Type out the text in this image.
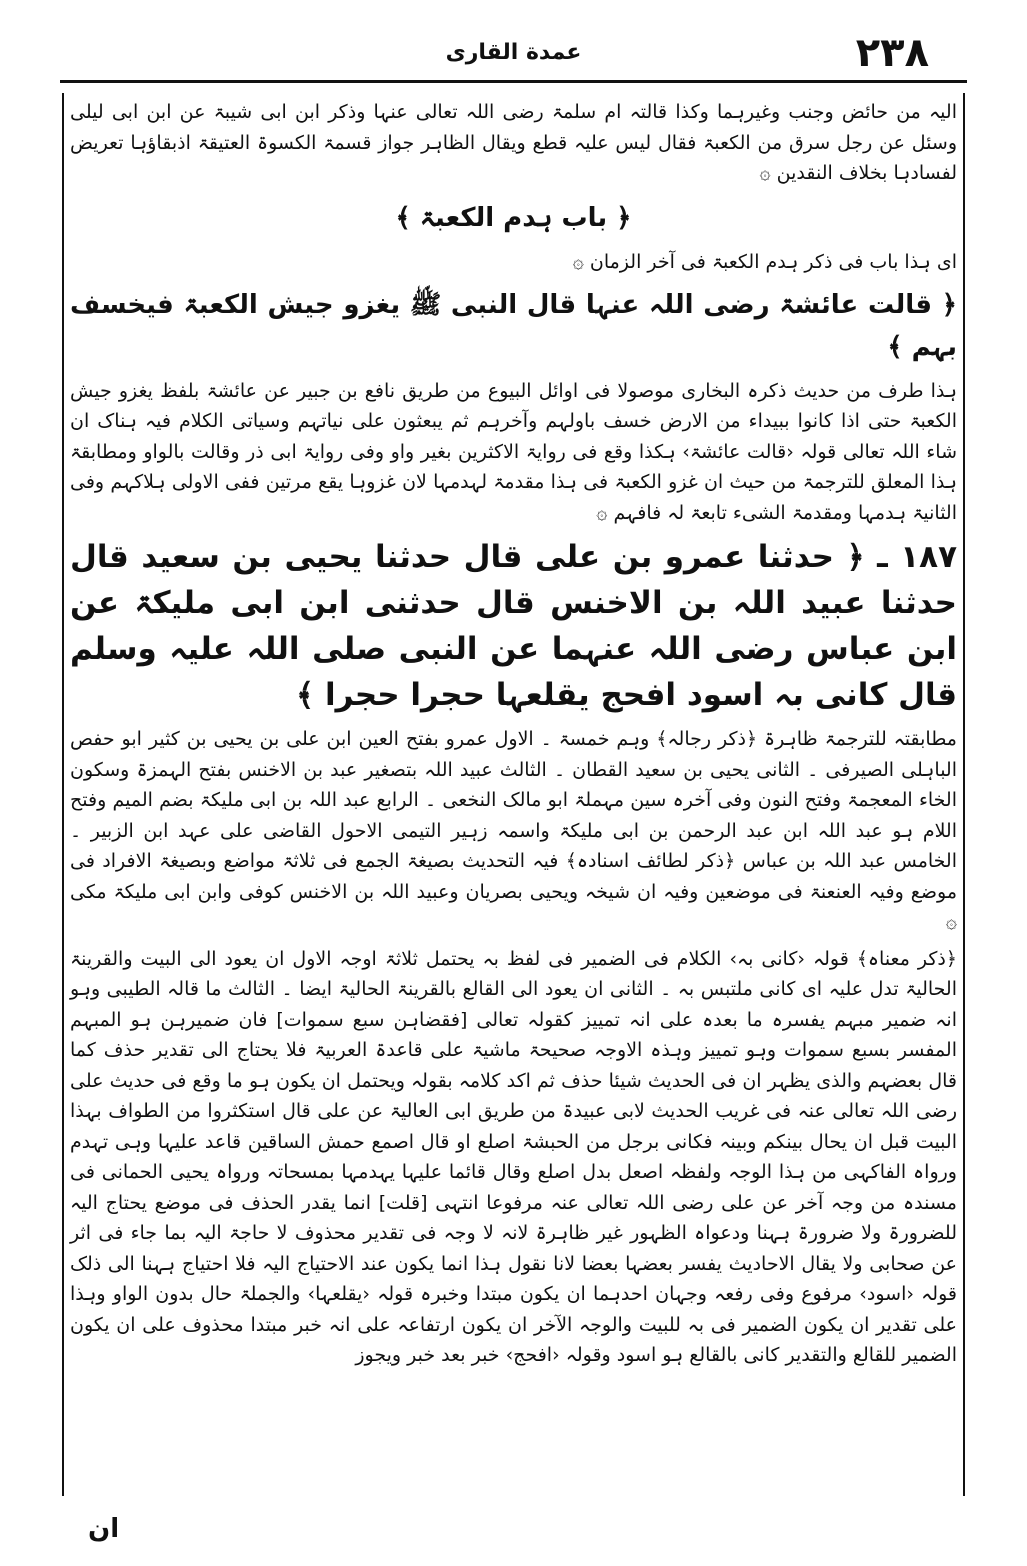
٢٣٨
عمدة القاری

الیہ من حائض وجنب وغیرہما وکذا قالتہ ام سلمۃ رضی اللہ تعالی عنہا وذکر ابن ابی شیبۃ عن ابن ابی لیلی وسئل عن رجل سرق من الکعبۃ فقال لیس علیہ قطع ویقال الظاہر جواز قسمۃ الکسوۃ العتیقۃ اذبقاؤہا تعریض لفسادہا بخلاف النقدین ۞

﴿ باب ہدم الکعبۃ ﴾

ای ہذا باب فی ذکر ہدم الکعبۃ فی آخر الزمان ۞

﴿ قالت عائشۃ رضی اللہ عنہا قال النبی ﷺ یغزو جیش الکعبۃ فیخسف بہم ﴾

ہذا طرف من حدیث ذکرہ البخاری موصولا فی اوائل البیوع من طریق نافع بن جبیر عن عائشۃ بلفظ یغزو جیش الکعبۃ حتی اذا کانوا ببیداء من الارض خسف باولہم وآخرہم ثم یبعثون علی نیاتہم وسیاتی الکلام فیہ ہناک ان شاء اللہ تعالی قولہ ‹قالت عائشۃ› ہکذا وقع فی روایۃ الاکثرین بغیر واو وفی روایۃ ابی ذر وقالت بالواو ومطابقۃ ہذا المعلق للترجمۃ من حیث ان غزو الکعبۃ فی ہذا مقدمۃ لہدمہا لان غزوہا یقع مرتین ففی الاولی ہلاکہم وفی الثانیۃ ہدمہا ومقدمۃ الشیء تابعۃ لہ فافہم ۞

١٨٧ ـ ﴿ حدثنا عمرو بن علی قال حدثنا یحیی بن سعید قال حدثنا عبید اللہ بن الاخنس قال حدثنی ابن ابی ملیکۃ عن ابن عباس رضی اللہ عنہما عن النبی صلی اللہ علیہ وسلم قال کانی بہ اسود افحج یقلعہا حجرا حجرا ﴾

مطابقتہ للترجمۃ ظاہرۃ ﴿ذکر رجالہ﴾ وہم خمسۃ ۔ الاول عمرو بفتح العین ابن علی بن یحیی بن کثیر ابو حفص الباہلی الصیرفی ۔ الثانی یحیی بن سعید القطان ۔ الثالث عبید اللہ بتصغیر عبد بن الاخنس بفتح الہمزۃ وسکون الخاء المعجمۃ وفتح النون وفی آخرہ سین مہملۃ ابو مالک النخعی ۔ الرابع عبد اللہ بن ابی ملیکۃ بضم المیم وفتح اللام ہو عبد اللہ ابن عبد الرحمن بن ابی ملیکۃ واسمہ زہیر التیمی الاحول القاضی علی عہد ابن الزبیر ۔ الخامس عبد اللہ بن عباس ﴿ذکر لطائف اسنادہ﴾ فیہ التحدیث بصیغۃ الجمع فی ثلاثۃ مواضع وبصیغۃ الافراد فی موضع وفیہ العنعنۃ فی موضعین وفیہ ان شیخہ ویحیی بصریان وعبید اللہ بن الاخنس کوفی وابن ابی ملیکۃ مکی ۞

﴿ذکر معناہ﴾ قولہ ‹کانی بہ› الکلام فی الضمیر فی لفظ بہ یحتمل ثلاثۃ اوجہ الاول ان یعود الی البیت والقرینۃ الحالیۃ تدل علیہ ای کانی ملتبس بہ ۔ الثانی ان یعود الی القالع بالقرینۃ الحالیۃ ایضا ۔ الثالث ما قالہ الطیبی وہو انہ ضمیر مبہم یفسرہ ما بعدہ علی انہ تمییز کقولہ تعالی [فقضاہن سبع سموات] فان ضمیرہن ہو المبہم المفسر بسبع سموات وہو تمییز وہذہ الاوجہ صحیحۃ ماشیۃ علی قاعدۃ العربیۃ فلا یحتاج الی تقدیر حذف کما قال بعضہم والذی یظہر ان فی الحدیث شیئا حذف ثم اکد کلامہ بقولہ ویحتمل ان یکون ہو ما وقع فی حدیث علی رضی اللہ تعالی عنہ فی غریب الحدیث لابی عبیدۃ من طریق ابی العالیۃ عن علی قال استکثروا من الطواف بہذا البیت قبل ان یحال بینکم وبینہ فکانی برجل من الحبشۃ اصلع او قال اصمع حمش الساقین قاعد علیہا وہی تہدم ورواہ الفاکہی من ہذا الوجہ ولفظہ اصعل بدل اصلع وقال قائما علیہا یہدمہا بمسحاتہ ورواہ یحیی الحمانی فی مسندہ من وجہ آخر عن علی رضی اللہ تعالی عنہ مرفوعا انتہی [قلت] انما یقدر الحذف فی موضع یحتاج الیہ للضرورۃ ولا ضرورۃ ہہنا ودعواہ الظہور غیر ظاہرۃ لانہ لا وجہ فی تقدیر محذوف لا حاجۃ الیہ بما جاء فی اثر عن صحابی ولا یقال الاحادیث یفسر بعضہا بعضا لانا نقول ہذا انما یکون عند الاحتیاج الیہ فلا احتیاج ہہنا الی ذلک قولہ ‹اسود› مرفوع وفی رفعہ وجہان احدہما ان یکون مبتدا وخبرہ قولہ ‹یقلعہا› والجملۃ حال بدون الواو وہذا علی تقدیر ان یکون الضمیر فی بہ للبیت والوجہ الآخر ان یکون ارتفاعہ علی انہ خبر مبتدا محذوف علی ان یکون الضمیر للقالع والتقدیر کانی بالقالع ہو اسود وقولہ ‹افحج› خبر بعد خبر ویجوز

ان
